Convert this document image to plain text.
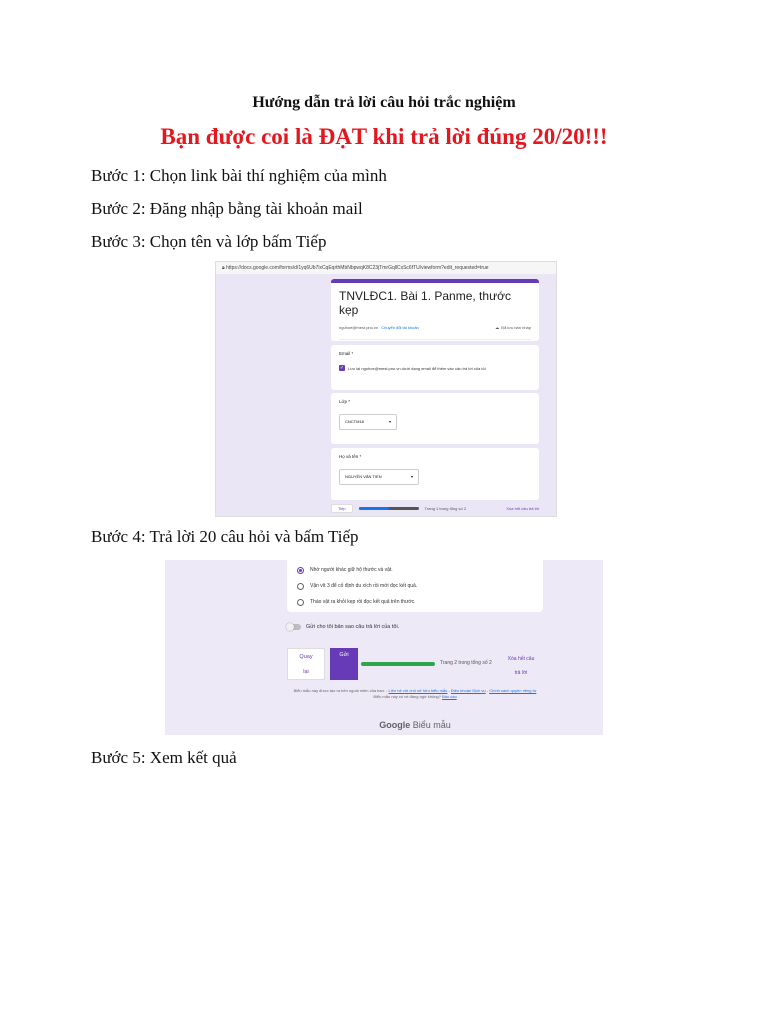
Hướng dẫn trả lời câu hỏi trắc nghiệm
Bạn được coi là ĐẠT khi trả lời đúng 20/20!!!
Bước 1: Chọn link bài thí nghiệm của mình
Bước 2: Đăng nhập bằng tài khoản mail
Bước 3: Chọn tên và lớp bấm Tiếp
🔒︎ https://docs.google.com/forms/d/1yq6Ub7lxCqEqrthMbNbpwqK8C23jTmrGqllCxSc6fTU/viewform?edit_requested=true
TNVLĐC1. Bài 1. Panme, thước kẹp
nguhoe@mest.pno.vn Chuyển đổi tài khoản	☁ Đã lưu bản nháp
Email *
✓ Lưu lại nguhoe@mest.pno.vn dưới dạng email để thêm vào câu trả lời của tôi
Lớp *
CNCTM18	▾
Họ và tên *
NGUYỄN VĂN TIẾN	▾
Tiếp	Trang 1 trong tổng số 2	Xóa hết câu trả lời
Bước 4: Trả lời 20 câu hỏi và bấm Tiếp
Nhờ người khác giữ hộ thước và vật.
Vặn vít 3 để cố định du xích rồi mới đọc kết quả.
Tháo vật ra khỏi kẹp rồi đọc kết quả trên thước.
Gửi cho tôi bản sao câu trả lời của tôi.
Quay
lại
Gửi
Trang 2 trong tổng số 2
Xóa hết câu
trả lời
Biểu mẫu này được tạo ra bên ngoài miền của bạn. - Liên hệ với chủ sở hữu biểu mẫu - Điều khoản Dịch vụ - Chính sách quyền riêng tư
Biểu mẫu này có vẻ đáng ngờ không? Báo cáo
Google Biểu mẫu
Bước 5: Xem kết quả
